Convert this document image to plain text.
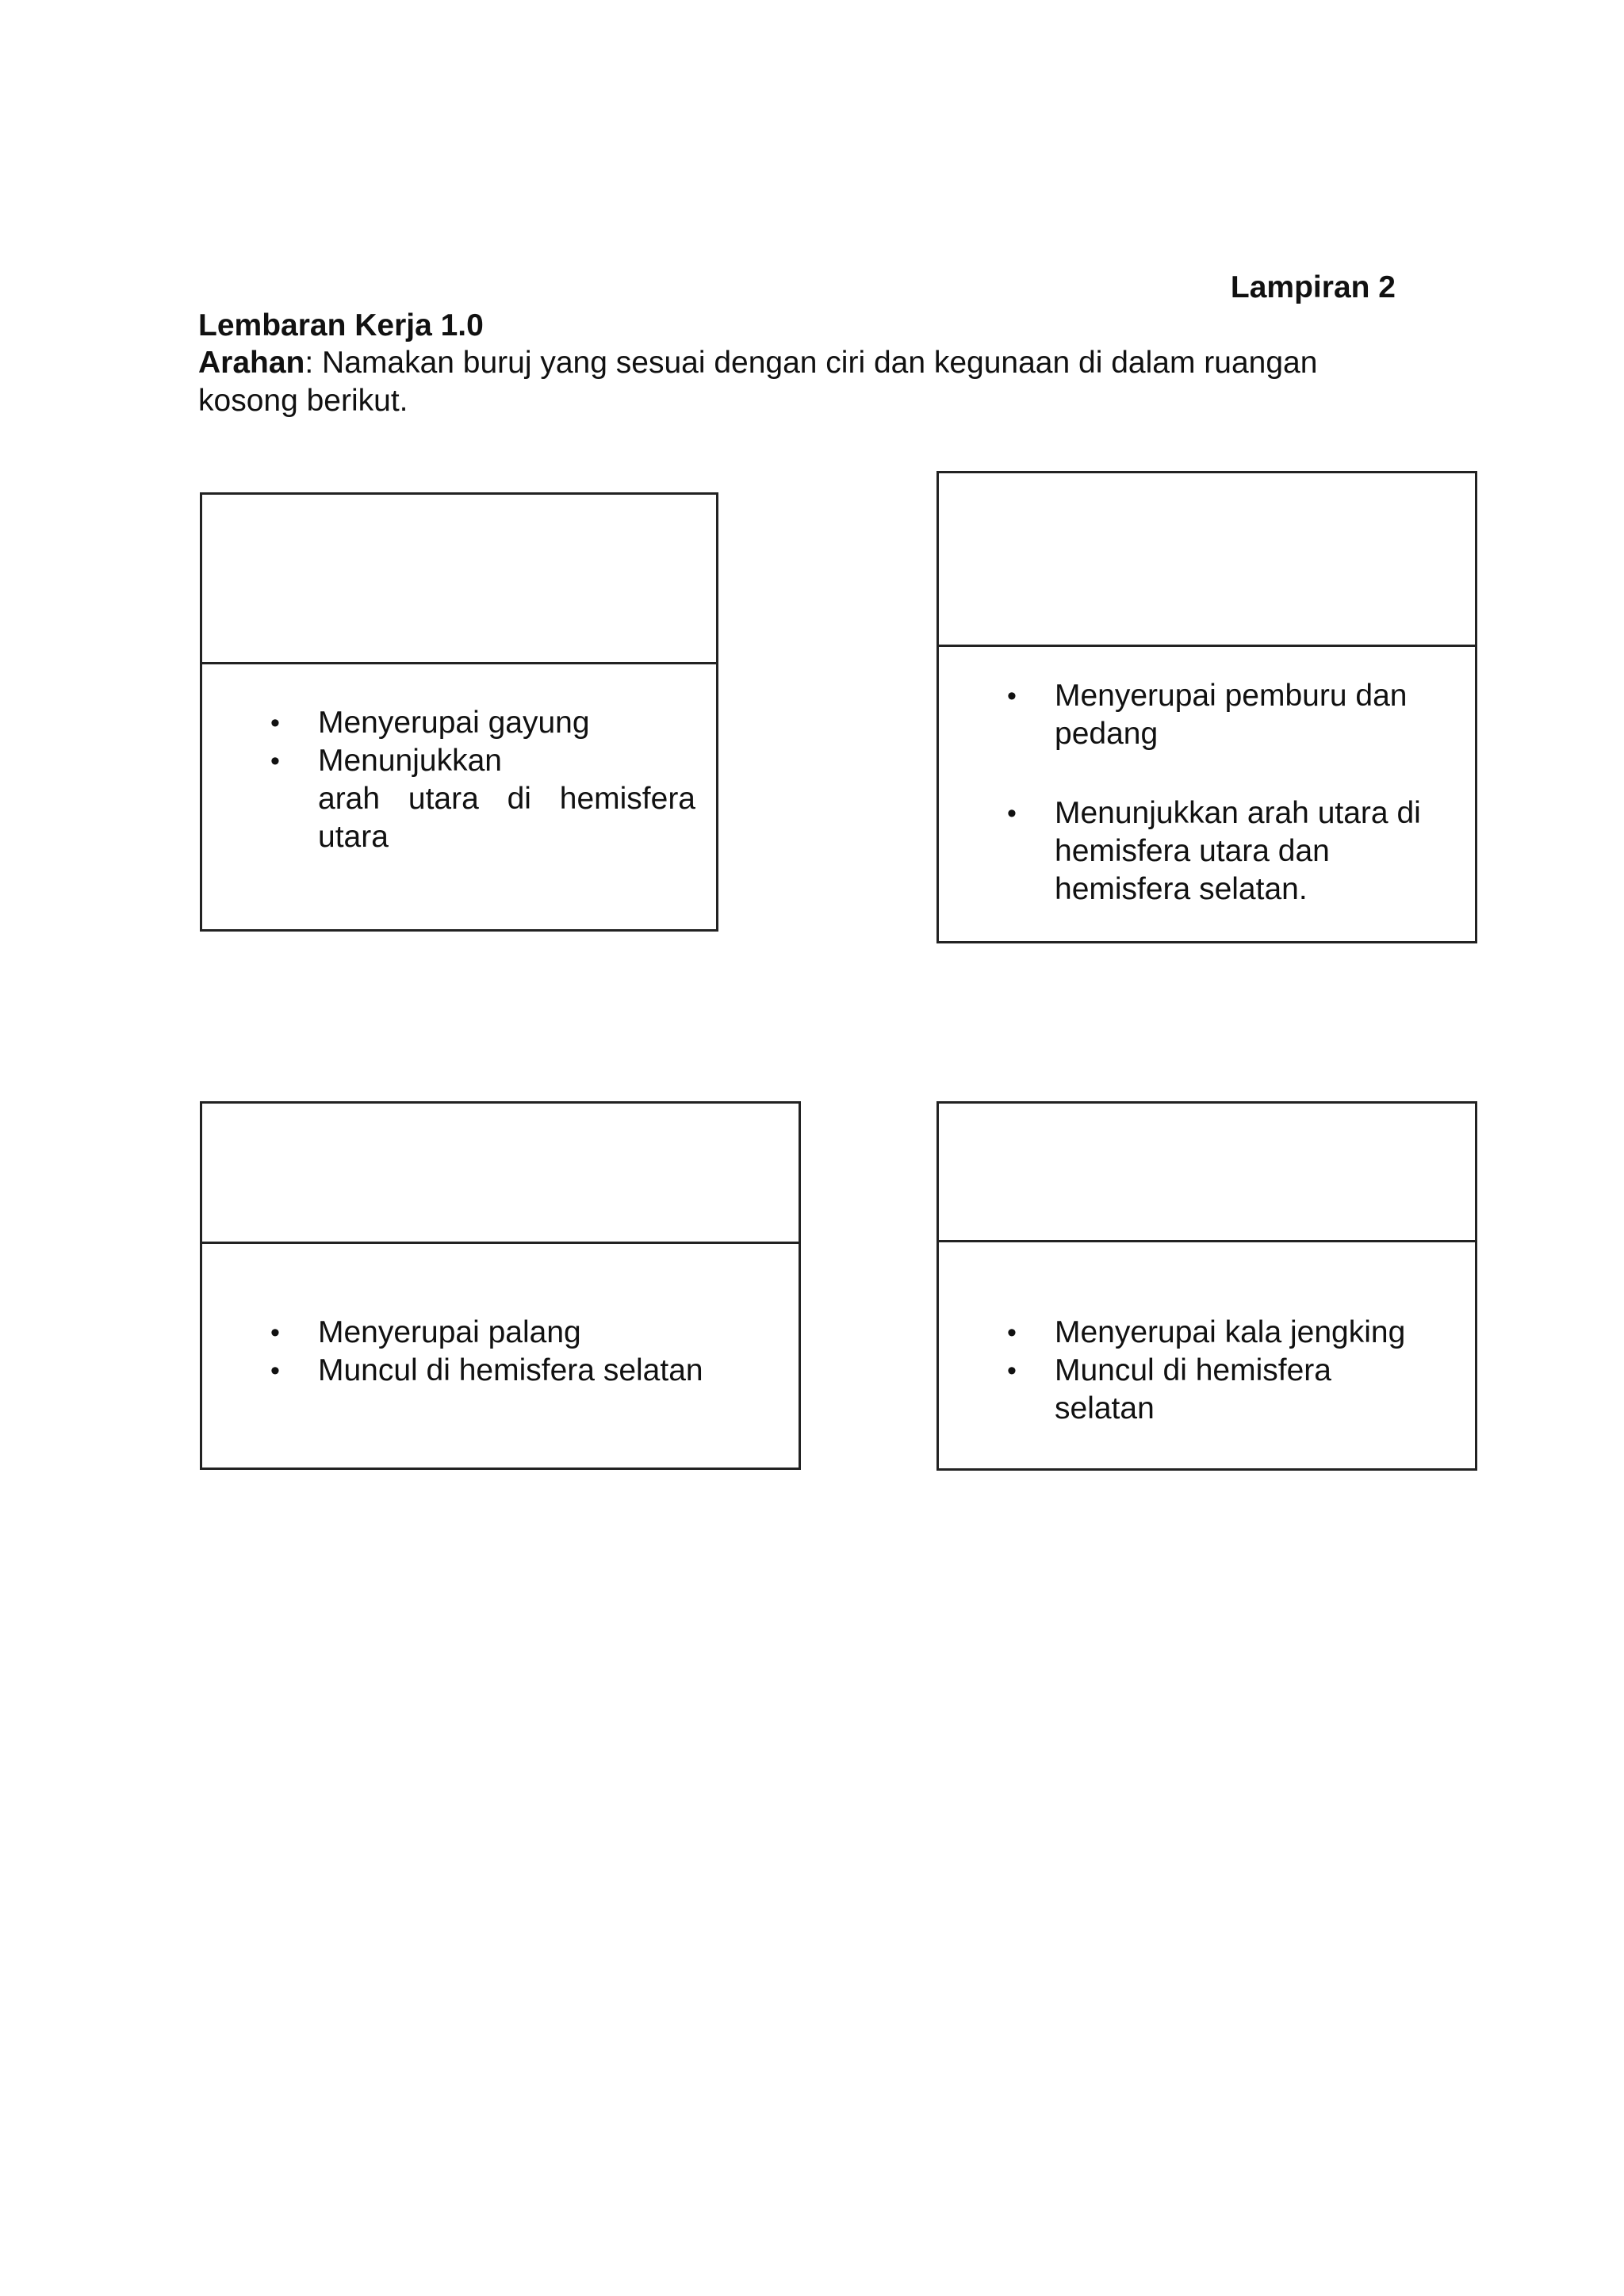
Lampiran 2
Lembaran Kerja 1.0
Arahan: Namakan buruj yang sesuai dengan ciri dan kegunaan di dalam ruangan
kosong berikut.
• Menyerupai gayung
• Menunjukkan
arah utara di hemisfera
utara
• Menyerupai pemburu dan
pedang
• Menunjukkan arah utara di
hemisfera utara dan
hemisfera selatan.
• Menyerupai palang
• Muncul di hemisfera selatan
• Menyerupai kala jengking
• Muncul di hemisfera
selatan
